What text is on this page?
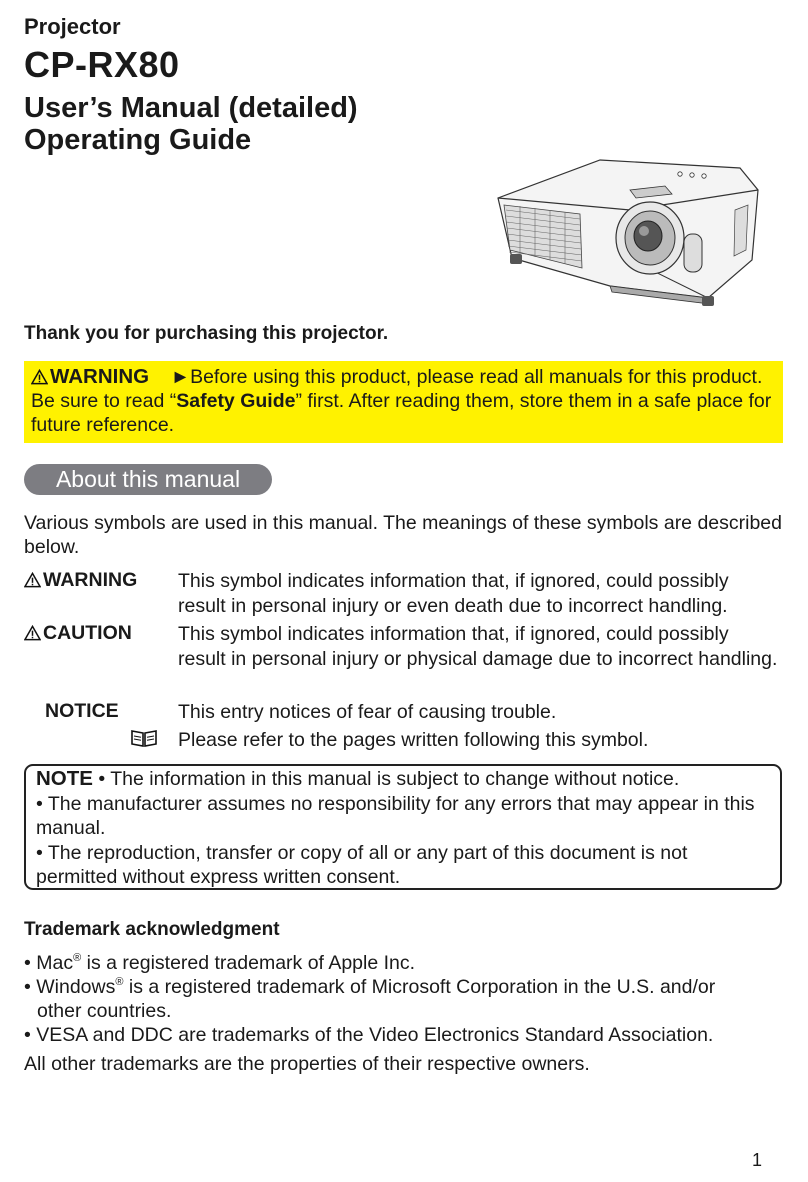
Projector
CP-RX80
User’s Manual (detailed)
Operating Guide
Thank you for purchasing this projector.
WARNING ►Before using this product, please read all manuals for this product. Be sure to read “Safety Guide” first. After reading them, store them in a safe place for future reference.
About this manual
Various symbols are used in this manual. The meanings of these symbols are described below.
WARNING This symbol indicates information that, if ignored, could possibly result in personal injury or even death due to incorrect handling.
CAUTION This symbol indicates information that, if ignored, could possibly result in personal injury or physical damage due to incorrect handling.
NOTICE	This entry notices of fear of causing trouble.
Please refer to the pages written following this symbol.
NOTE • The information in this manual is subject to change without notice.
• The manufacturer assumes no responsibility for any errors that may appear in this manual.
• The reproduction, transfer or copy of all or any part of this document is not permitted without express written consent.
Trademark acknowledgment
• Mac® is a registered trademark of Apple Inc.
• Windows® is a registered trademark of Microsoft Corporation in the U.S. and/or
other countries.
• VESA and DDC are trademarks of the Video Electronics Standard Association.
All other trademarks are the properties of their respective owners.
1
